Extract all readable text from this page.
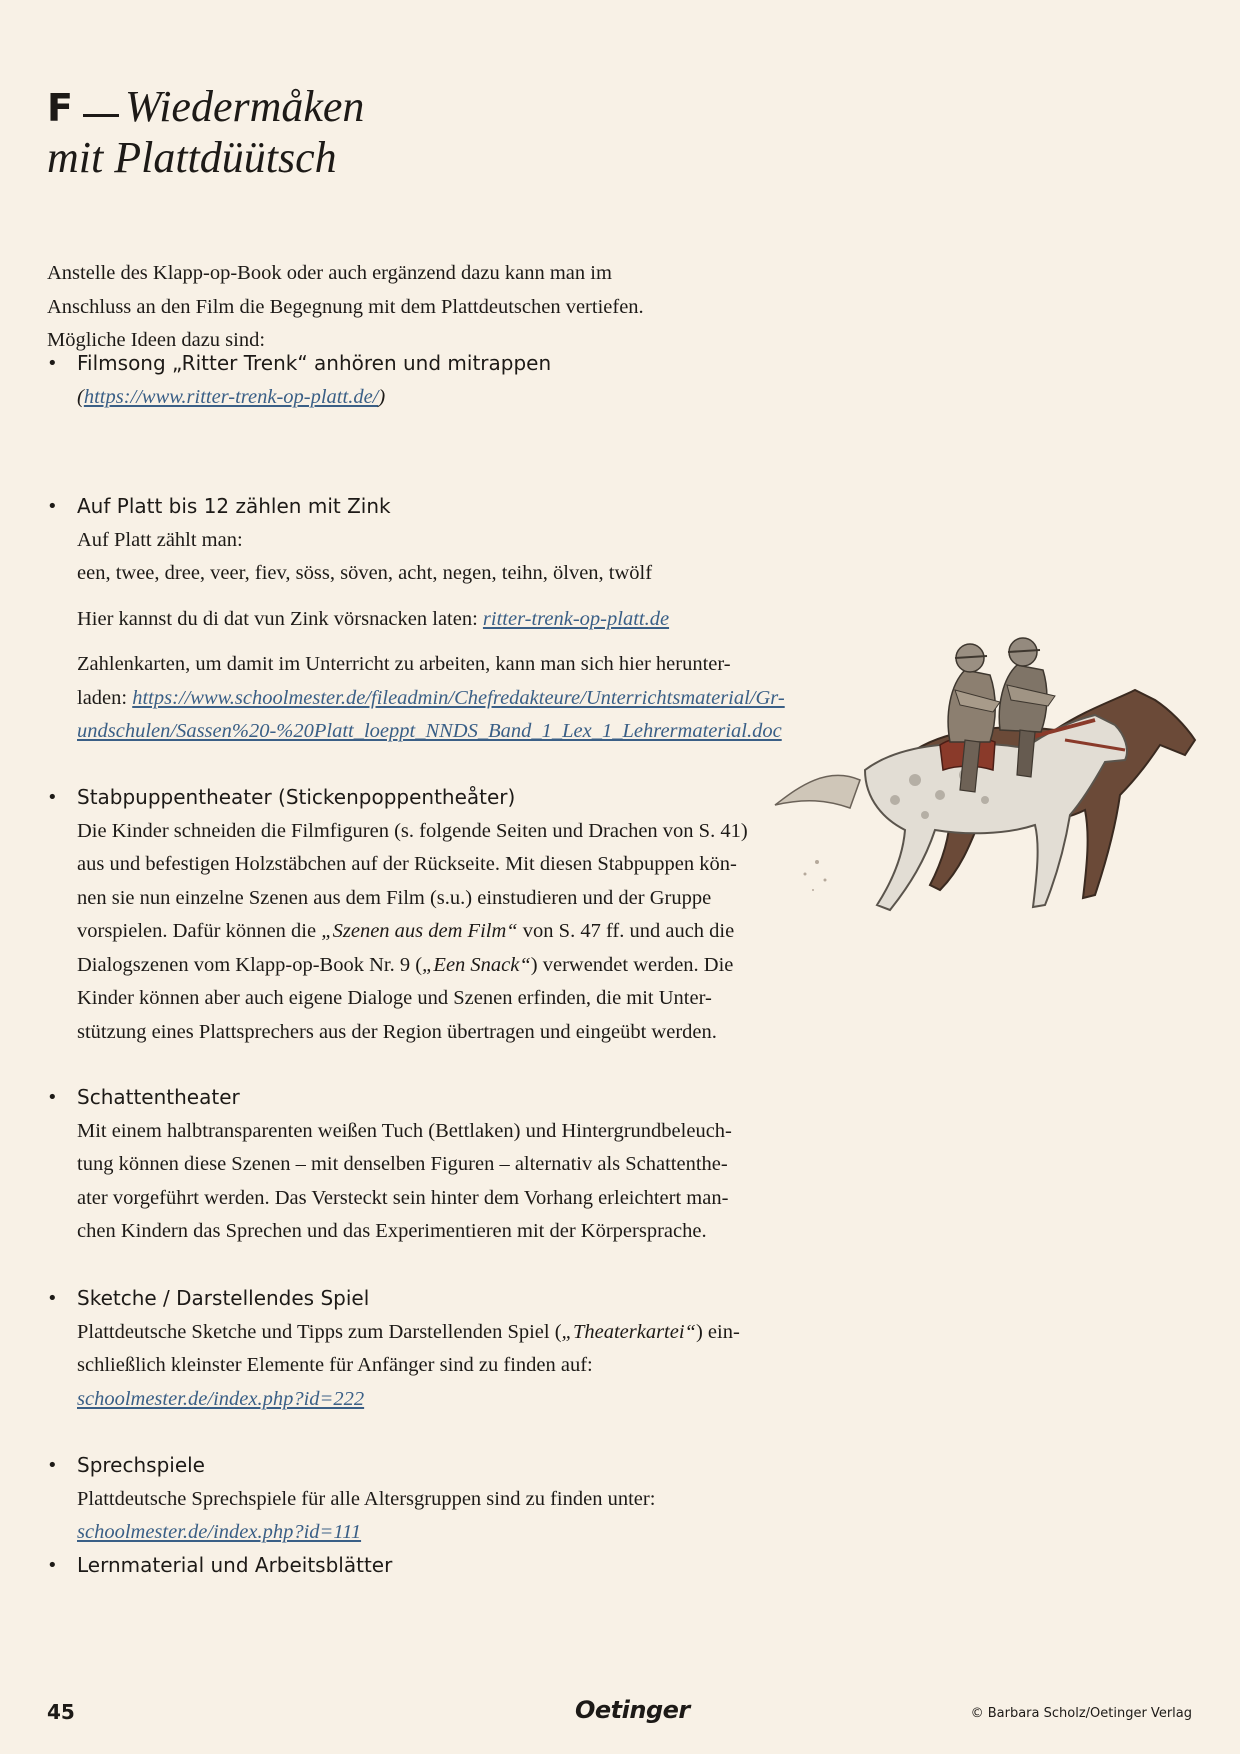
F Wiedermåken
mit Plattdüütsch
Anstelle des Klapp-op-Book oder auch ergänzend dazu kann man im
Anschluss an den Film die Begegnung mit dem Plattdeutschen vertiefen.
Mögliche Ideen dazu sind:
• Filmsong „Ritter Trenk“ anhören und mitrappen
(https://www.ritter-trenk-op-platt.de/)
• Auf Platt bis 12 zählen mit Zink
Auf Platt zählt man:
een, twee, dree, veer, fiev, söss, söven, acht, negen, teihn, ölven, twölf
Hier kannst du di dat vun Zink vörsnacken laten: ritter-trenk-op-platt.de
Zahlenkarten, um damit im Unterricht zu arbeiten, kann man sich hier herunter-
laden: https://www.schoolmester.de/fileadmin/Chefredakteure/Unterrichtsmaterial/Gr-
undschulen/Sassen%20-%20Platt_loeppt_NNDS_Band_1_Lex_1_Lehrermaterial.doc
• Stabpuppentheater (Stickenpoppentheåter)
Die Kinder schneiden die Filmfiguren (s. folgende Seiten und Drachen von S. 41)
aus und befestigen Holzstäbchen auf der Rückseite. Mit diesen Stabpuppen kön-
nen sie nun einzelne Szenen aus dem Film (s.u.) einstudieren und der Gruppe
vorspielen. Dafür können die „Szenen aus dem Film“ von S. 47 ff. und auch die
Dialogszenen vom Klapp-op-Book Nr. 9 („Een Snack“) verwendet werden. Die
Kinder können aber auch eigene Dialoge und Szenen erfinden, die mit Unter-
stützung eines Plattsprechers aus der Region übertragen und eingeübt werden.
• Schattentheater
Mit einem halbtransparenten weißen Tuch (Bettlaken) und Hintergrundbeleuch-
tung können diese Szenen – mit denselben Figuren – alternativ als Schattenthe-
ater vorgeführt werden. Das Versteckt sein hinter dem Vorhang erleichtert man-
chen Kindern das Sprechen und das Experimentieren mit der Körpersprache.
• Sketche / Darstellendes Spiel
Plattdeutsche Sketche und Tipps zum Darstellenden Spiel („Theaterkartei“) ein-
schließlich kleinster Elemente für Anfänger sind zu finden auf:
schoolmester.de/index.php?id=222
• Sprechspiele
Plattdeutsche Sprechspiele für alle Altersgruppen sind zu finden unter:
schoolmester.de/index.php?id=111
• Lernmaterial und Arbeitsblätter
45	Oetinger	© Barbara Scholz/Oetinger Verlag
